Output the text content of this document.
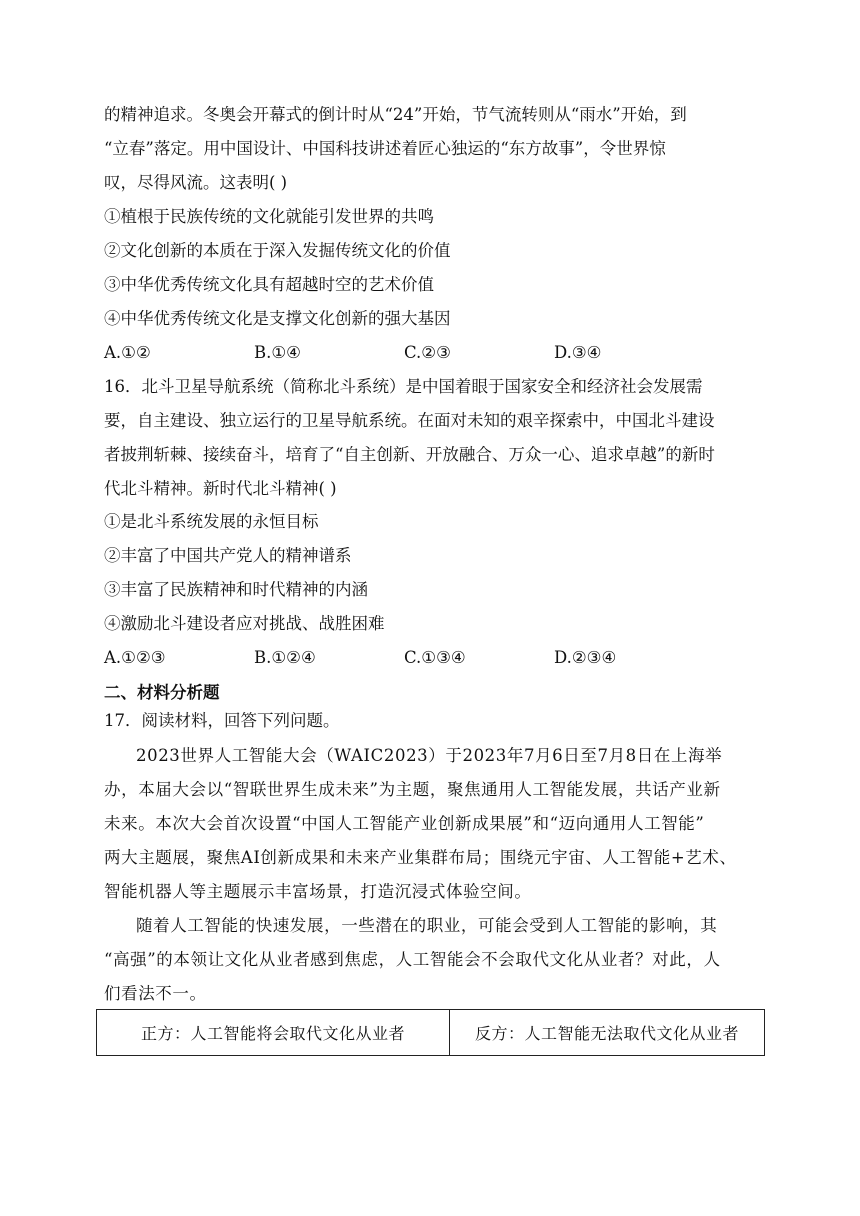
的精神追求。冬奥会开幕式的倒计时从“24”开始，节气流转则从“雨水”开始，到
“立春”落定。用中国设计、中国科技讲述着匠心独运的“东方故事”，令世界惊
叹，尽得风流。这表明( )
①植根于民族传统的文化就能引发世界的共鸣
②文化创新的本质在于深入发掘传统文化的价值
③中华优秀传统文化具有超越时空的艺术价值
④中华优秀传统文化是支撑文化创新的强大基因
A.①②	B.①④	C.②③	D.③④
16．北斗卫星导航系统（简称北斗系统）是中国着眼于国家安全和经济社会发展需
要，自主建设、独立运行的卫星导航系统。在面对未知的艰辛探索中，中国北斗建设
者披荆斩棘、接续奋斗，培育了“自主创新、开放融合、万众一心、追求卓越”的新时
代北斗精神。新时代北斗精神( )
①是北斗系统发展的永恒目标
②丰富了中国共产党人的精神谱系
③丰富了民族精神和时代精神的内涵
④激励北斗建设者应对挑战、战胜困难
A.①②③	B.①②④	C.①③④	D.②③④
二、材料分析题
17．阅读材料，回答下列问题。
2023世界人工智能大会（WAIC2023）于2023年7月6日至7月8日在上海举
办，本届大会以“智联世界生成未来”为主题，聚焦通用人工智能发展，共话产业新
未来。本次大会首次设置“中国人工智能产业创新成果展”和“迈向通用人工智能”
两大主题展，聚焦AI创新成果和未来产业集群布局；围绕元宇宙、人工智能+艺术、
智能机器人等主题展示丰富场景，打造沉浸式体验空间。
随着人工智能的快速发展，一些潜在的职业，可能会受到人工智能的影响，其
“高强”的本领让文化从业者感到焦虑，人工智能会不会取代文化从业者？对此，人
们看法不一。
正方：人工智能将会取代文化从业者	反方：人工智能无法取代文化从业者
